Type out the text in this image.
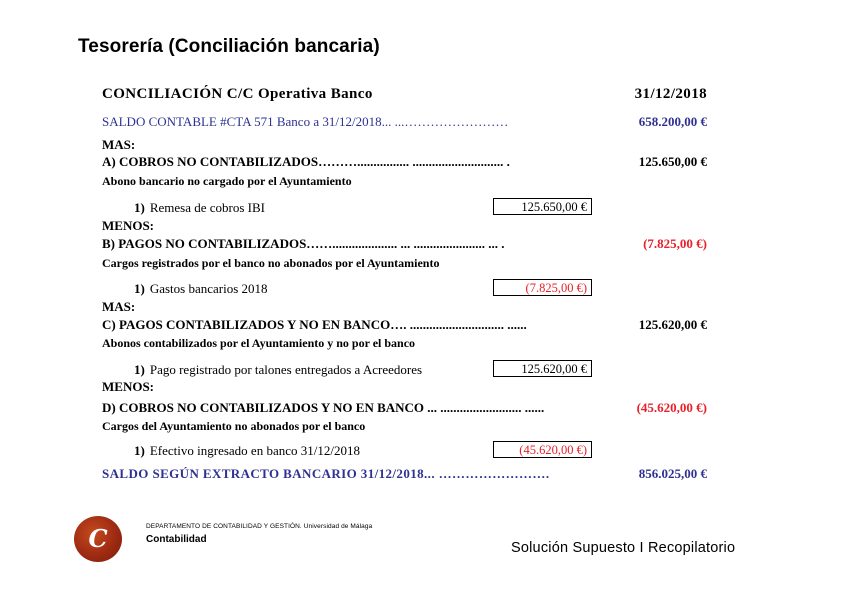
Tesorería (Conciliación bancaria)
CONCILIACIÓN C/C Operativa Banco	31/12/2018
SALDO CONTABLE #CTA 571 Banco a 31/12/2018... ...……………………	658.200,00 €
MAS:
A) COBROS NO CONTABILIZADOS………................ ............................ .	125.650,00 €
Abono bancario no cargado por el Ayuntamiento
1) Remesa de cobros IBI	125.650,00 €
MENOS:
B) PAGOS NO CONTABILIZADOS…….................... ... ...................... ... .	(7.825,00 €)
Cargos registrados por el banco no abonados por el Ayuntamiento
1) Gastos bancarios 2018	(7.825,00 €)
MAS:
C) PAGOS CONTABILIZADOS Y NO EN BANCO…. ............................. ......	125.620,00 €
Abonos contabilizados por el Ayuntamiento y no por el banco
1) Pago registrado por talones entregados a Acreedores	125.620,00 €
MENOS:
D) COBROS NO CONTABILIZADOS Y NO EN BANCO ... ......................... ......	(45.620,00 €)
Cargos del Ayuntamiento no abonados por el banco
1) Efectivo ingresado en banco 31/12/2018	(45.620,00 €)
SALDO SEGÚN EXTRACTO BANCARIO 31/12/2018... …………………….	856.025,00 €
C	DEPARTAMENTO DE CONTABILIDAD Y GESTIÓN. Universidad de Málaga
Contabilidad
Solución Supuesto I Recopilatorio
